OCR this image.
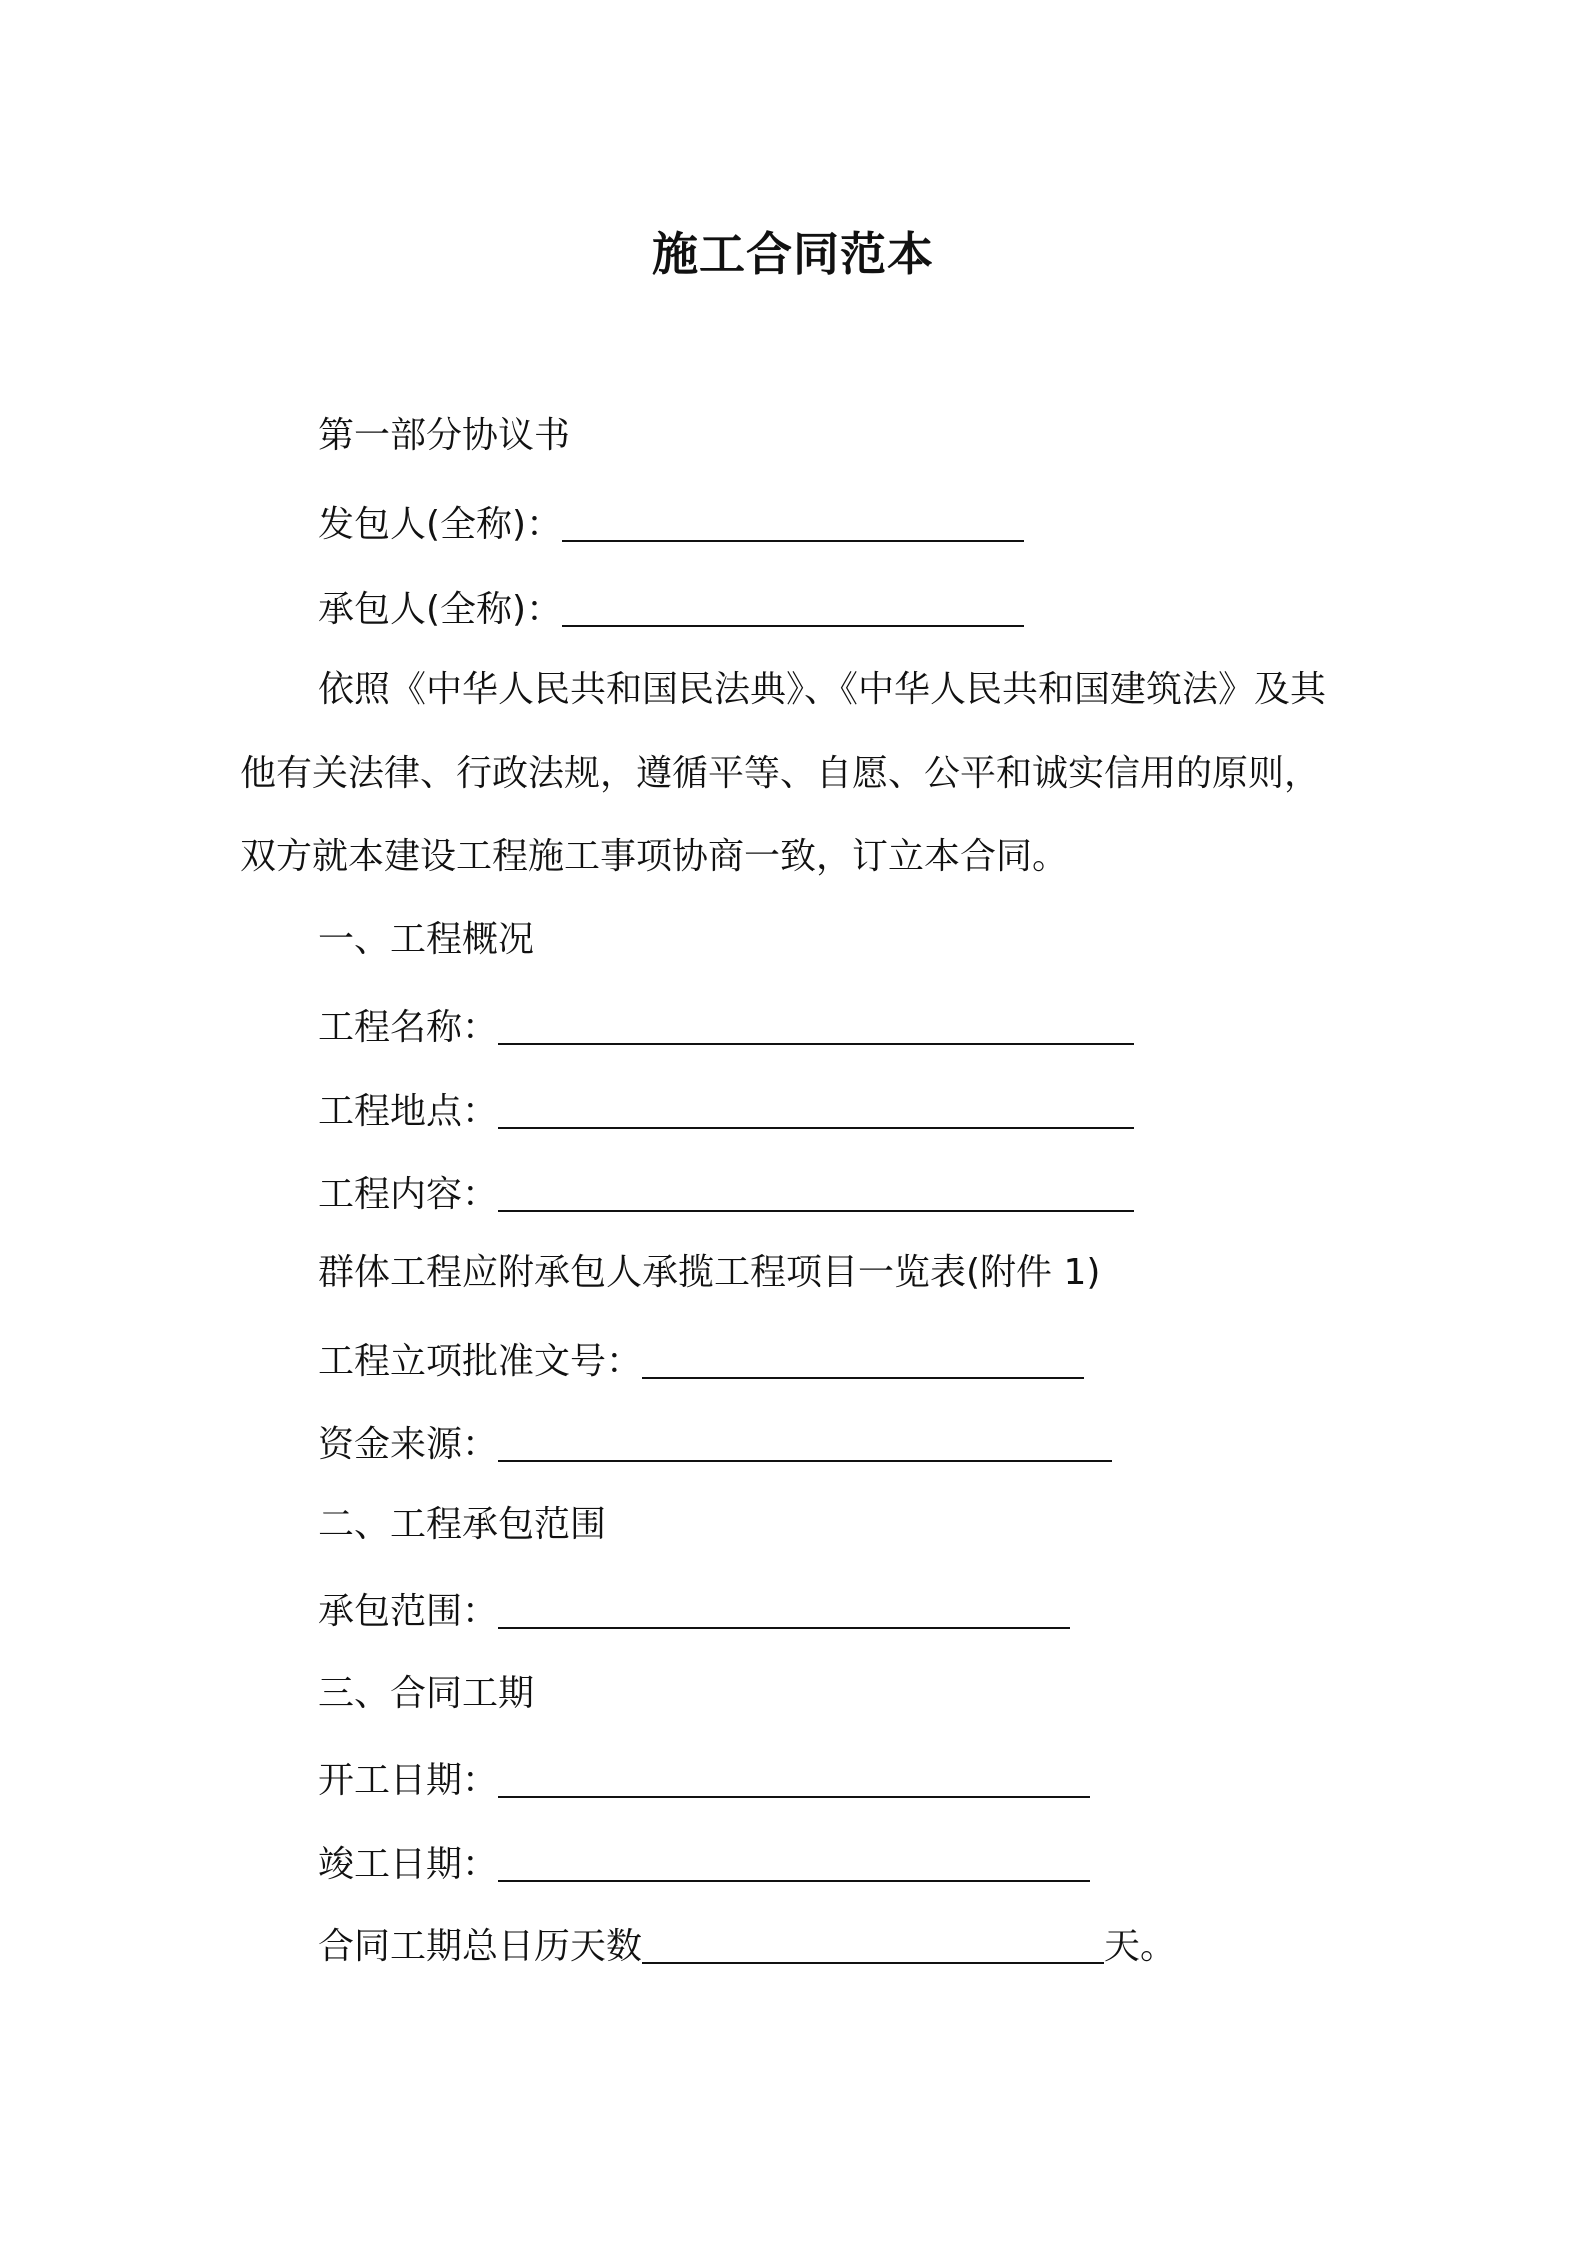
施工合同范本
第一部分协议书
发包人(全称)：
承包人(全称)：
依照《中华人民共和国民法典》、《中华人民共和国建筑法》及其
他有关法律、行政法规，遵循平等、自愿、公平和诚实信用的原则，
双方就本建设工程施工事项协商一致，订立本合同。
一、工程概况
工程名称：
工程地点：
工程内容：
群体工程应附承包人承揽工程项目一览表(附件 1)
工程立项批准文号：
资金来源：
二、工程承包范围
承包范围：
三、合同工期
开工日期：
竣工日期：
合同工期总日历天数	天。
